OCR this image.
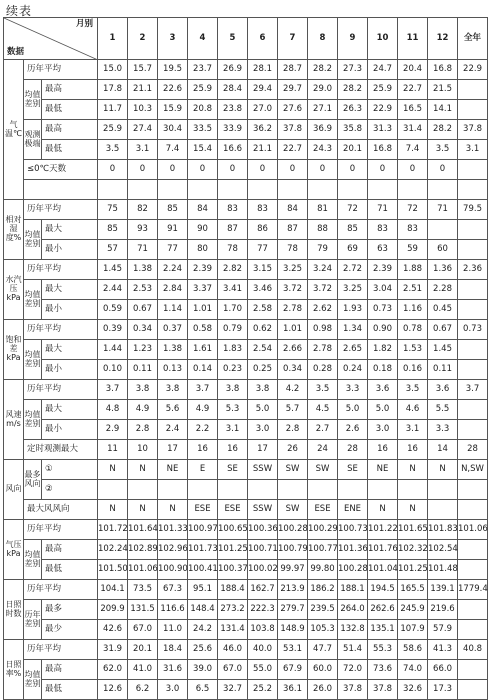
续表
月别
数据			1	2	3	4	5	6	7	8	9	10	11	12	全年
气温℃	历年平均		15.0	15.7	19.5	23.7	26.9	28.1	28.7	28.2	27.3	24.7	20.4	16.8	22.9
	均值差别	最高	17.8	21.1	22.6	25.9	28.4	29.4	29.7	29.0	28.2	25.9	22.7	21.5	
		最低	11.7	10.3	15.9	20.8	23.8	27.0	27.6	27.1	26.3	22.9	16.5	14.1	
	观测极端	最高	25.9	27.4	30.4	33.5	33.9	36.2	37.8	36.9	35.8	31.3	31.4	28.2	37.8
		最低	3.5	3.1	7.4	15.4	16.6	21.1	22.7	24.3	20.1	16.8	7.4	3.5	3.1
	≤0℃天数		0	0	0	0	0	0	0	0	0	0	0	0	

相对湿度%	历年平均		75	82	85	84	83	83	84	81	72	71	72	71	79.5
	均值差别	最大	85	93	91	90	87	86	87	88	85	83	83		
		最小	57	71	77	80	78	77	78	79	69	63	59	60	
水汽压kPa	历年平均		1.45	1.38	2.24	2.39	2.82	3.15	3.25	3.24	2.72	2.39	1.88	1.36	2.36
	均值差别	最大	2.44	2.53	2.84	3.37	3.41	3.46	3.72	3.72	3.25	3.04	2.51	2.28	
		最小	0.59	0.67	1.14	1.01	1.70	2.58	2.78	2.62	1.93	0.73	1.16	0.45	
饱和差kPa	历年平均		0.39	0.34	0.37	0.58	0.79	0.62	1.01	0.98	1.34	0.90	0.78	0.67	0.73
	均值差别	最大	1.44	1.23	1.38	1.61	1.83	2.54	2.66	2.78	2.65	1.82	1.53	1.45	
		最小	0.10	0.11	0.13	0.14	0.23	0.25	0.34	0.28	0.24	0.18	0.16	0.11	
风速m/s	历年平均		3.7	3.8	3.8	3.7	3.8	3.8	4.2	3.5	3.3	3.6	3.5	3.6	3.7
	均值差别	最大	4.8	4.9	5.6	4.9	5.3	5.0	5.7	4.5	5.0	5.0	4.6	5.5	
		最小	2.9	2.8	2.4	2.2	3.1	3.0	2.8	2.7	2.6	3.0	3.1	3.3	
	定时观测最大		11	10	17	16	16	17	26	24	28	16	16	14	28
风向	最多风向	①	N	N	NE	E	SE	SSW	SW	SW	SE	NE	N	N	N,SW
		②													
	最大风风向		N	N	N	ESE	ESE	SSW	SW	ESE	ENE	N	N		
气压kPa	历年平均		101.72	101.64	101.33	100.97	100.65	100.36	100.28	100.29	100.73	101.22	101.65	101.83	101.06
	均值差别	最高	102.24	102.89	102.96	101.73	101.25	100.71	100.79	100.77	101.36	101.76	102.32	102.54	
		最低	101.50	101.06	100.90	100.41	100.37	100.02	99.97	99.80	100.28	101.04	101.25	101.48	
日照时数	历年平均		104.1	73.5	67.3	95.1	188.4	162.7	213.9	186.2	188.1	194.5	165.5	139.1	1779.4
	历年差别	最多	209.9	131.5	116.6	148.4	273.2	222.3	279.7	239.5	264.0	262.6	245.9	219.6	
		最少	42.6	67.0	11.0	24.2	131.4	103.8	148.9	105.3	132.8	135.1	107.9	57.9	
日照率%	历年平均		31.9	20.1	18.4	25.6	46.0	40.0	53.1	47.7	51.4	55.3	58.6	41.3	40.8
	均值差别	最高	62.0	41.0	31.6	39.0	67.0	55.0	67.9	60.0	72.0	73.6	74.0	66.0	
		最低	12.6	6.2	3.0	6.5	32.7	25.2	36.1	26.0	37.8	37.8	32.6	17.3	
